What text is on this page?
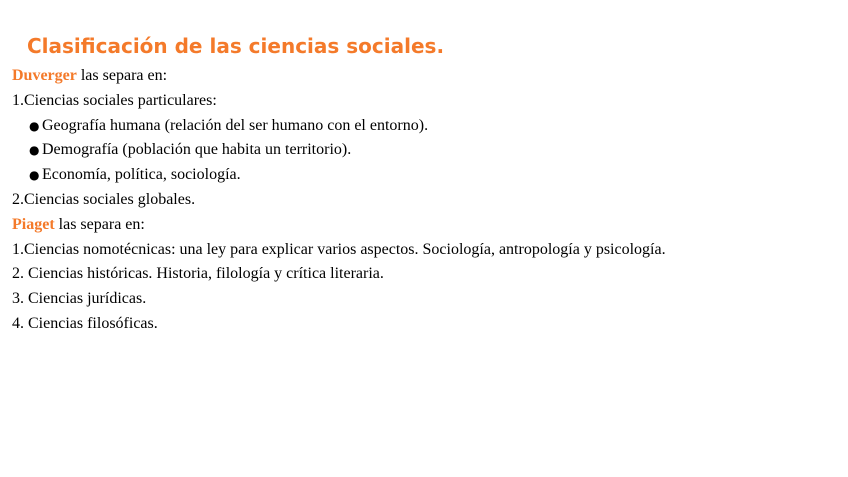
Clasificación de las ciencias sociales.
Duverger las separa en:
1.Ciencias sociales particulares:
● Geografía humana (relación del ser humano con el entorno).
● Demografía (población que habita un territorio).
● Economía, política, sociología.
2.Ciencias sociales globales.
Piaget las separa en:
1.Ciencias nomotécnicas: una ley para explicar varios aspectos. Sociología, antropología y psicología.
2. Ciencias históricas. Historia, filología y crítica literaria.
3. Ciencias jurídicas.
4. Ciencias filosóficas.
